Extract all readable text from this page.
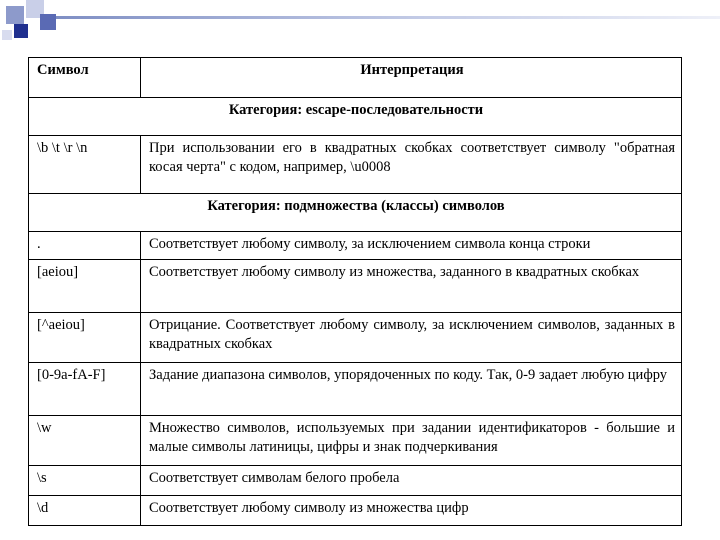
Символ	Интерпретация
Категория: escape-последовательности	
\b \t \r \n	При использовании его в квадратных скобках соответствует символу "обратная косая черта" с кодом, например, \u0008
Категория: подмножества (классы) символов	
.	Соответствует любому символу, за исключением символа конца строки
[aeiou]	Соответствует любому символу из множества, заданного в квадратных скобках
[^aeiou]	Отрицание. Соответствует любому символу, за исключением символов, заданных в квадратных скобках
[0-9a-fA-F]	Задание диапазона символов, упорядоченных по коду. Так, 0-9 задает любую цифру
\w	Множество символов, используемых при задании идентификаторов - большие и малые символы латиницы, цифры и знак подчеркивания
\s	Соответствует символам белого пробела
\d	Соответствует любому символу из множества цифр
